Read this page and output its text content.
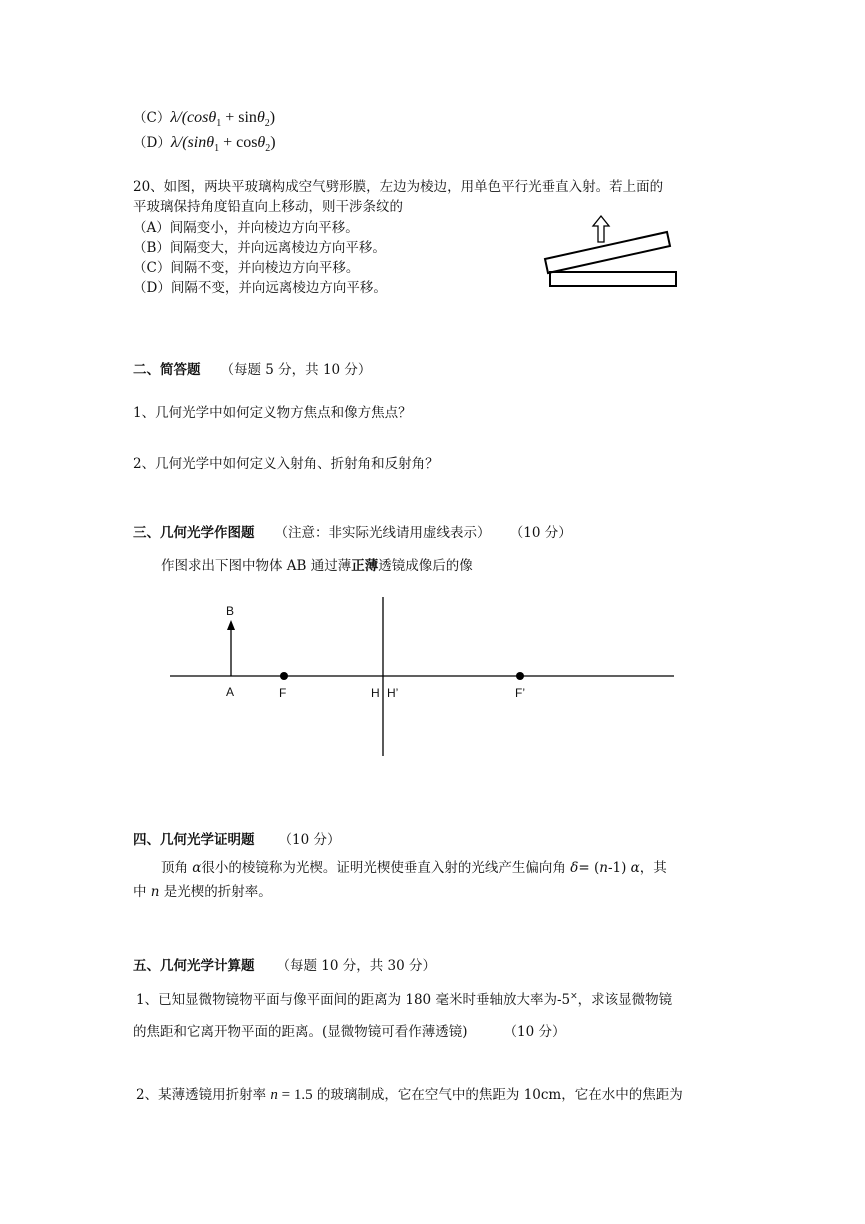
（C）λ/(cosθ$_1$ + sinθ$_2$)
（D）λ/(sinθ$_1$ + cosθ$_2$)
20、如图，两块平玻璃构成空气劈形膜，左边为棱边，用单色平行光垂直入射。若上面的
平玻璃保持角度铅直向上移动，则干涉条纹的
（A）间隔变小，并向棱边方向平移。
（B）间隔变大，并向远离棱边方向平移。
（C）间隔不变，并向棱边方向平移。
（D）间隔不变，并向远离棱边方向平移。
二、简答题 （每题 5 分，共 10 分）
1、几何光学中如何定义物方焦点和像方焦点？
2、几何光学中如何定义入射角、折射角和反射角？
三、几何光学作图题 （注意：非实际光线请用虚线表示） （10 分）
作图求出下图中物体 AB 通过薄正薄透镜成像后的像
B
A	F	H H’	F’
四、几何光学证明题 （10 分）
顶角 α很小的棱镜称为光楔。证明光楔使垂直入射的光线产生偏向角 δ= (n-1) α，其
中 n 是光楔的折射率。
五、几何光学计算题 （每题 10 分，共 30 分）
1、已知显微物镜物平面与像平面间的距离为 180 毫米时垂轴放大率为-5×，求该显微物镜
的焦距和它离开物平面的距离。(显微物镜可看作薄透镜)	（10 分）
2、某薄透镜用折射率 n = 1.5 的玻璃制成，它在空气中的焦距为 10cm，它在水中的焦距为
